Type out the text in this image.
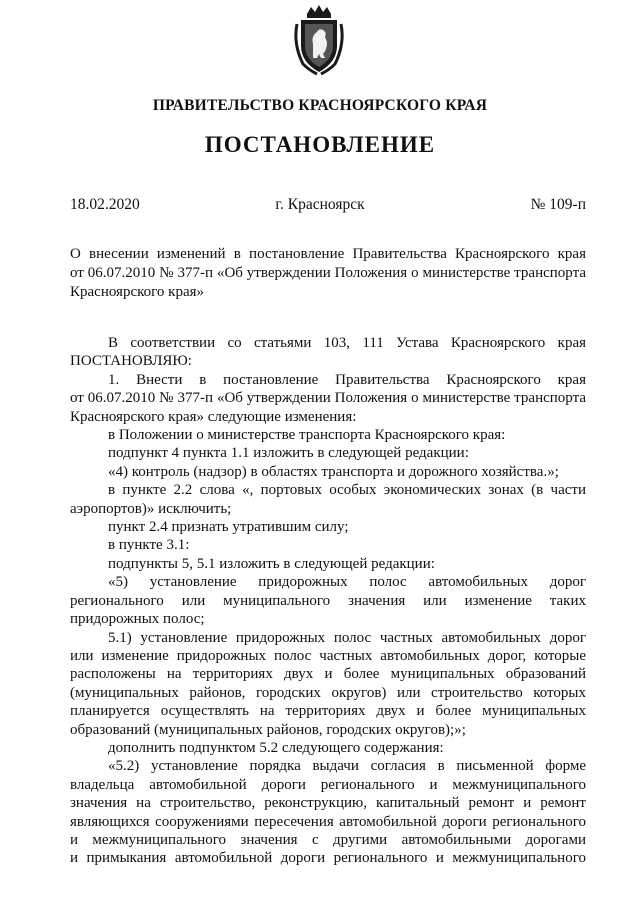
ПРАВИТЕЛЬСТВО КРАСНОЯРСКОГО КРАЯ
ПОСТАНОВЛЕНИЕ
18.02.2020	г. Красноярск	№ 109-п
О внесении изменений в постановление Правительства Красноярского края
от 06.07.2010 № 377-п «Об утверждении Положения о министерстве транспорта
Красноярского края»
В соответствии со статьями 103, 111 Устава Красноярского края
ПОСТАНОВЛЯЮ:
1. Внести в постановление Правительства Красноярского края
от 06.07.2010 № 377-п «Об утверждении Положения о министерстве транспорта
Красноярского края» следующие изменения:
в Положении о министерстве транспорта Красноярского края:
подпункт 4 пункта 1.1 изложить в следующей редакции:
«4) контроль (надзор) в областях транспорта и дорожного хозяйства.»;
в пункте 2.2 слова «, портовых особых экономических зонах (в части
аэропортов)» исключить;
пункт 2.4 признать утратившим силу;
в пункте 3.1:
подпункты 5, 5.1 изложить в следующей редакции:
«5) установление придорожных полос автомобильных дорог
регионального или муниципального значения или изменение таких
придорожных полос;
5.1) установление придорожных полос частных автомобильных дорог
или изменение придорожных полос частных автомобильных дорог, которые
расположены на территориях двух и более муниципальных образований
(муниципальных районов, городских округов) или строительство которых
планируется осуществлять на территориях двух и более муниципальных
образований (муниципальных районов, городских округов);»;
дополнить подпунктом 5.2 следующего содержания:
«5.2) установление порядка выдачи согласия в письменной форме
владельца автомобильной дороги регионального и межмуниципального
значения на строительство, реконструкцию, капитальный ремонт и ремонт
являющихся сооружениями пересечения автомобильной дороги регионального
и межмуниципального значения с другими автомобильными дорогами
и примыкания автомобильной дороги регионального и межмуниципального
